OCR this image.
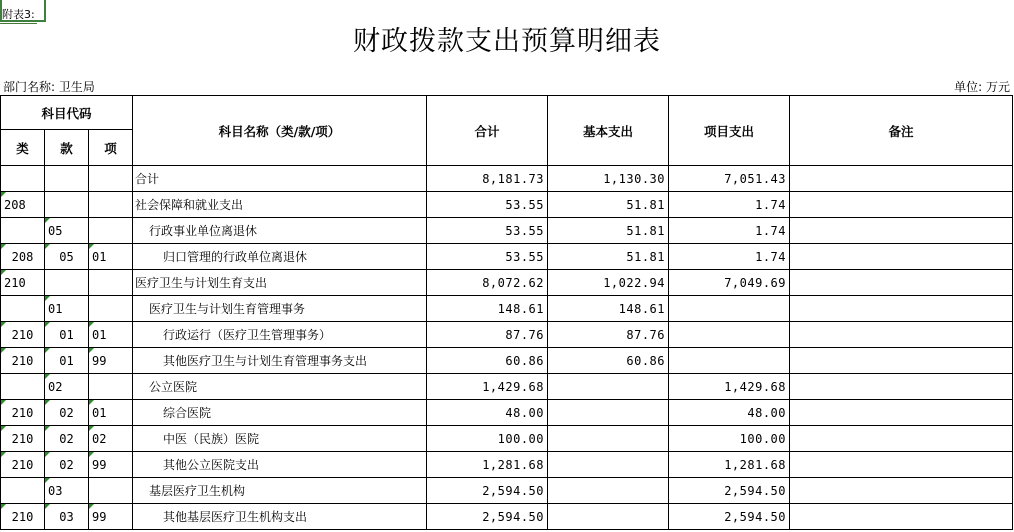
附表3:
财政拨款支出预算明细表
部门名称: 卫生局	单位: 万元
科目代码			科目名称（类/款/项）	合计	基本支出	项目支出	备注
类	款	项					
			合计	8,181.73	1,130.30	7,051.43	
208			社会保障和就业支出	53.55	51.81	1.74	
	05		行政事业单位离退休	53.55	51.81	1.74	
208	05	01	归口管理的行政单位离退休	53.55	51.81	1.74	
210			医疗卫生与计划生育支出	8,072.62	1,022.94	7,049.69	
	01		医疗卫生与计划生育管理事务	148.61	148.61		
210	01	01	行政运行（医疗卫生管理事务）	87.76	87.76		
210	01	99	其他医疗卫生与计划生育管理事务支出	60.86	60.86		
	02		公立医院	1,429.68		1,429.68	
210	02	01	综合医院	48.00		48.00	
210	02	02	中医（民族）医院	100.00		100.00	
210	02	99	其他公立医院支出	1,281.68		1,281.68	
	03		基层医疗卫生机构	2,594.50		2,594.50	
210	03	99	其他基层医疗卫生机构支出	2,594.50		2,594.50	
